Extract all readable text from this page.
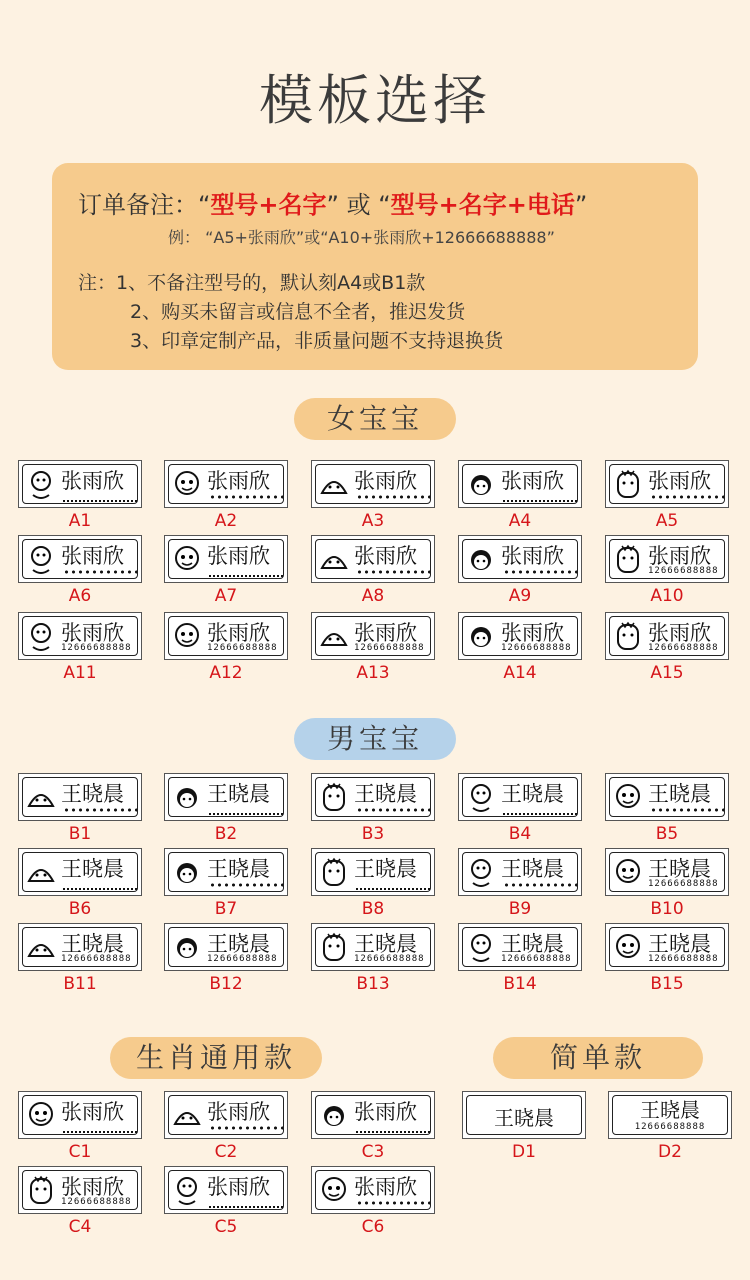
模板选择
订单备注：“型号+名字” 或 “型号+名字+电话”
例： “A5+张雨欣”或“A10+张雨欣+12666688888”
注：1、不备注型号的，默认刻A4或B1款
2、购买未留言或信息不全者，推迟发货
3、印章定制产品，非质量问题不支持退换货
女宝宝
男宝宝
生肖通用款	简单款
张雨欣
A1
张雨欣
A2
张雨欣
A3
张雨欣
A4
张雨欣
A5
张雨欣
A6
张雨欣
A7
张雨欣
A8
张雨欣
A9
张雨欣
12666688888
A10
张雨欣
12666688888
A11
张雨欣
12666688888
A12
张雨欣
12666688888
A13
张雨欣
12666688888
A14
张雨欣
12666688888
A15
王晓晨
B1
王晓晨
B2
王晓晨
B3
王晓晨
B4
王晓晨
B5
王晓晨
B6
王晓晨
B7
王晓晨
B8
王晓晨
B9
王晓晨
12666688888
B10
王晓晨
12666688888
B11
王晓晨
12666688888
B12
王晓晨
12666688888
B13
王晓晨
12666688888
B14
王晓晨
12666688888
B15
张雨欣
C1
张雨欣
C2
张雨欣
C3
张雨欣
12666688888
C4
张雨欣
C5
张雨欣
C6
王晓晨
D1
王晓晨
12666688888
D2
